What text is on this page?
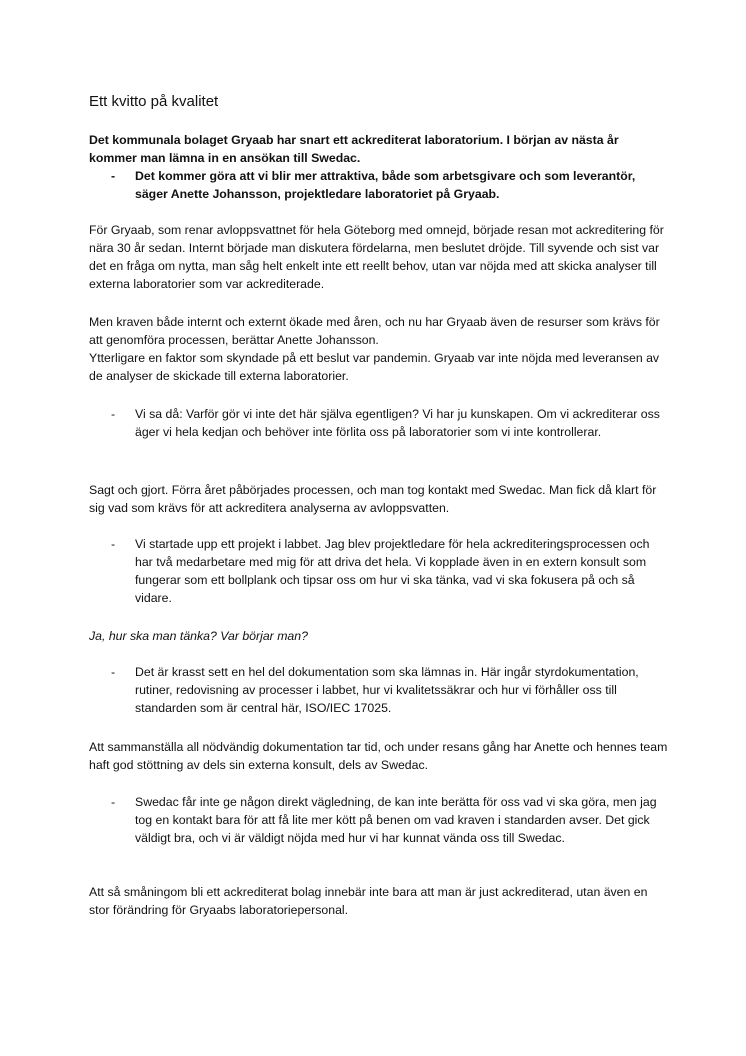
Ett kvitto på kvalitet

Det kommunala bolaget Gryaab har snart ett ackrediterat laboratorium. I början av nästa år kommer man lämna in en ansökan till Swedac.

-	Det kommer göra att vi blir mer attraktiva, både som arbetsgivare och som leverantör, säger Anette Johansson, projektledare laboratoriet på Gryaab.

För Gryaab, som renar avloppsvattnet för hela Göteborg med omnejd, började resan mot ackreditering för nära 30 år sedan. Internt började man diskutera fördelarna, men beslutet dröjde. Till syvende och sist var det en fråga om nytta, man såg helt enkelt inte ett reellt behov, utan var nöjda med att skicka analyser till externa laboratorier som var ackrediterade.

Men kraven både internt och externt ökade med åren, och nu har Gryaab även de resurser som krävs för att genomföra processen, berättar Anette Johansson.

Ytterligare en faktor som skyndade på ett beslut var pandemin. Gryaab var inte nöjda med leveransen av de analyser de skickade till externa laboratorier.

-	Vi sa då: Varför gör vi inte det här själva egentligen? Vi har ju kunskapen. Om vi ackrediterar oss äger vi hela kedjan och behöver inte förlita oss på laboratorier som vi inte kontrollerar.

Sagt och gjort. Förra året påbörjades processen, och man tog kontakt med Swedac. Man fick då klart för sig vad som krävs för att ackreditera analyserna av avloppsvatten.

-	Vi startade upp ett projekt i labbet. Jag blev projektledare för hela ackrediteringsprocessen och har två medarbetare med mig för att driva det hela. Vi kopplade även in en extern konsult som fungerar som ett bollplank och tipsar oss om hur vi ska tänka, vad vi ska fokusera på och så vidare.

Ja, hur ska man tänka? Var börjar man?

-	Det är krasst sett en hel del dokumentation som ska lämnas in. Här ingår styrdokumentation, rutiner, redovisning av processer i labbet, hur vi kvalitetssäkrar och hur vi förhåller oss till standarden som är central här, ISO/IEC 17025.

Att sammanställa all nödvändig dokumentation tar tid, och under resans gång har Anette och hennes team haft god stöttning av dels sin externa konsult, dels av Swedac.

-	Swedac får inte ge någon direkt vägledning, de kan inte berätta för oss vad vi ska göra, men jag tog en kontakt bara för att få lite mer kött på benen om vad kraven i standarden avser. Det gick väldigt bra, och vi är väldigt nöjda med hur vi har kunnat vända oss till Swedac.

Att så småningom bli ett ackrediterat bolag innebär inte bara att man är just ackrediterad, utan även en stor förändring för Gryaabs laboratoriepersonal.
